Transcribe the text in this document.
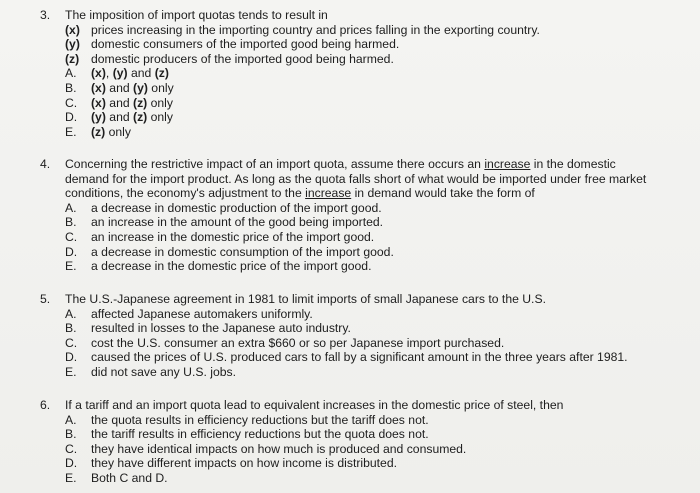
3.	The imposition of import quotas tends to result in
(x) prices increasing in the importing country and prices falling in the exporting country.
(y) domestic consumers of the imported good being harmed.
(z) domestic producers of the imported good being harmed.
A.	(x), (y) and (z)
B.	(x) and (y) only
C.	(x) and (z) only
D.	(y) and (z) only
E.	(z) only
4.	Concerning the restrictive impact of an import quota, assume there occurs an increase in the domestic
demand for the import product. As long as the quota falls short of what would be imported under free market
conditions, the economy's adjustment to the increase in demand would take the form of
A.	a decrease in domestic production of the import good.
B.	an increase in the amount of the good being imported.
C.	an increase in the domestic price of the import good.
D.	a decrease in domestic consumption of the import good.
E.	a decrease in the domestic price of the import good.
5.	The U.S.-Japanese agreement in 1981 to limit imports of small Japanese cars to the U.S.
A.	affected Japanese automakers uniformly.
B.	resulted in losses to the Japanese auto industry.
C.	cost the U.S. consumer an extra $660 or so per Japanese import purchased.
D.	caused the prices of U.S. produced cars to fall by a significant amount in the three years after 1981.
E.	did not save any U.S. jobs.
6.	If a tariff and an import quota lead to equivalent increases in the domestic price of steel, then
A.	the quota results in efficiency reductions but the tariff does not.
B.	the tariff results in efficiency reductions but the quota does not.
C.	they have identical impacts on how much is produced and consumed.
D.	they have different impacts on how income is distributed.
E.	Both C and D.
